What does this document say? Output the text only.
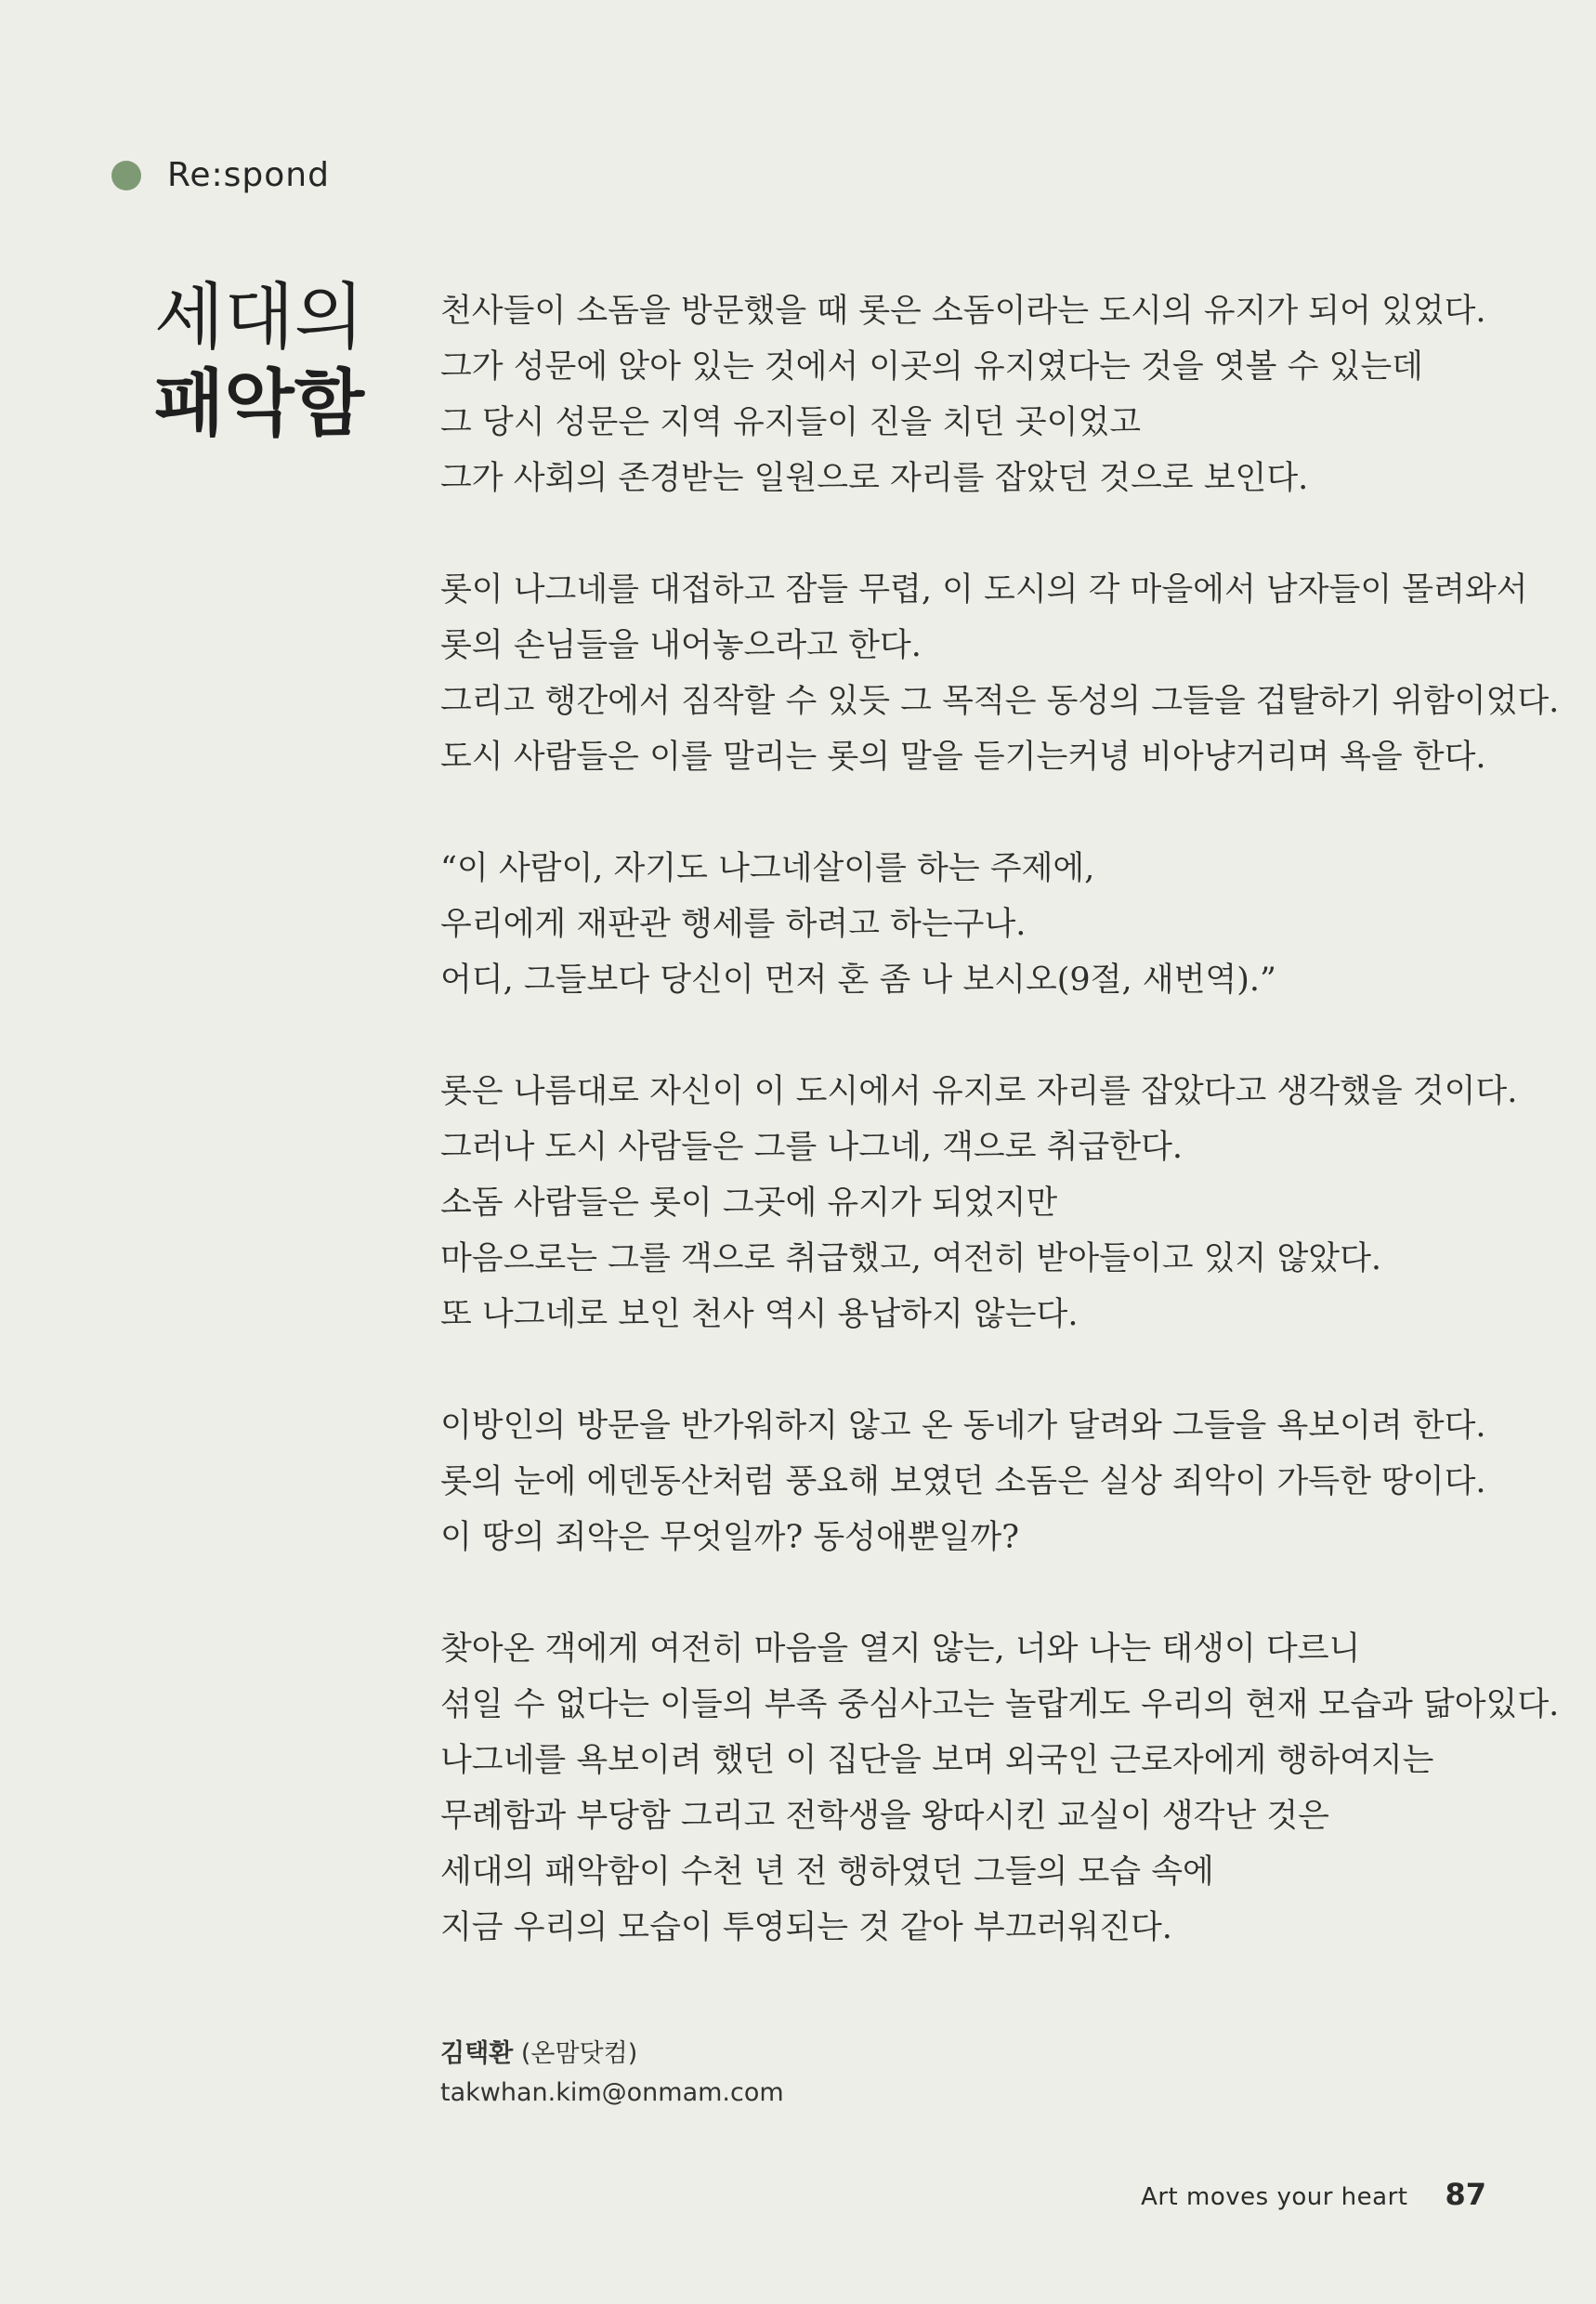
Re:spond
세대의
패악함
천사들이 소돔을 방문했을 때 롯은 소돔이라는 도시의 유지가 되어 있었다.
그가 성문에 앉아 있는 것에서 이곳의 유지였다는 것을 엿볼 수 있는데
그 당시 성문은 지역 유지들이 진을 치던 곳이었고
그가 사회의 존경받는 일원으로 자리를 잡았던 것으로 보인다.
롯이 나그네를 대접하고 잠들 무렵, 이 도시의 각 마을에서 남자들이 몰려와서
롯의 손님들을 내어놓으라고 한다.
그리고 행간에서 짐작할 수 있듯 그 목적은 동성의 그들을 겁탈하기 위함이었다.
도시 사람들은 이를 말리는 롯의 말을 듣기는커녕 비아냥거리며 욕을 한다.
“이 사람이, 자기도 나그네살이를 하는 주제에,
우리에게 재판관 행세를 하려고 하는구나.
어디, 그들보다 당신이 먼저 혼 좀 나 보시오(9절, 새번역).”
롯은 나름대로 자신이 이 도시에서 유지로 자리를 잡았다고 생각했을 것이다.
그러나 도시 사람들은 그를 나그네, 객으로 취급한다.
소돔 사람들은 롯이 그곳에 유지가 되었지만
마음으로는 그를 객으로 취급했고, 여전히 받아들이고 있지 않았다.
또 나그네로 보인 천사 역시 용납하지 않는다.
이방인의 방문을 반가워하지 않고 온 동네가 달려와 그들을 욕보이려 한다.
롯의 눈에 에덴동산처럼 풍요해 보였던 소돔은 실상 죄악이 가득한 땅이다.
이 땅의 죄악은 무엇일까? 동성애뿐일까?
찾아온 객에게 여전히 마음을 열지 않는, 너와 나는 태생이 다르니
섞일 수 없다는 이들의 부족 중심사고는 놀랍게도 우리의 현재 모습과 닮아있다.
나그네를 욕보이려 했던 이 집단을 보며 외국인 근로자에게 행하여지는
무례함과 부당함 그리고 전학생을 왕따시킨 교실이 생각난 것은
세대의 패악함이 수천 년 전 행하였던 그들의 모습 속에
지금 우리의 모습이 투영되는 것 같아 부끄러워진다.
김택환 (온맘닷컴)
takwhan.kim@onmam.com
Art moves your heart 87
